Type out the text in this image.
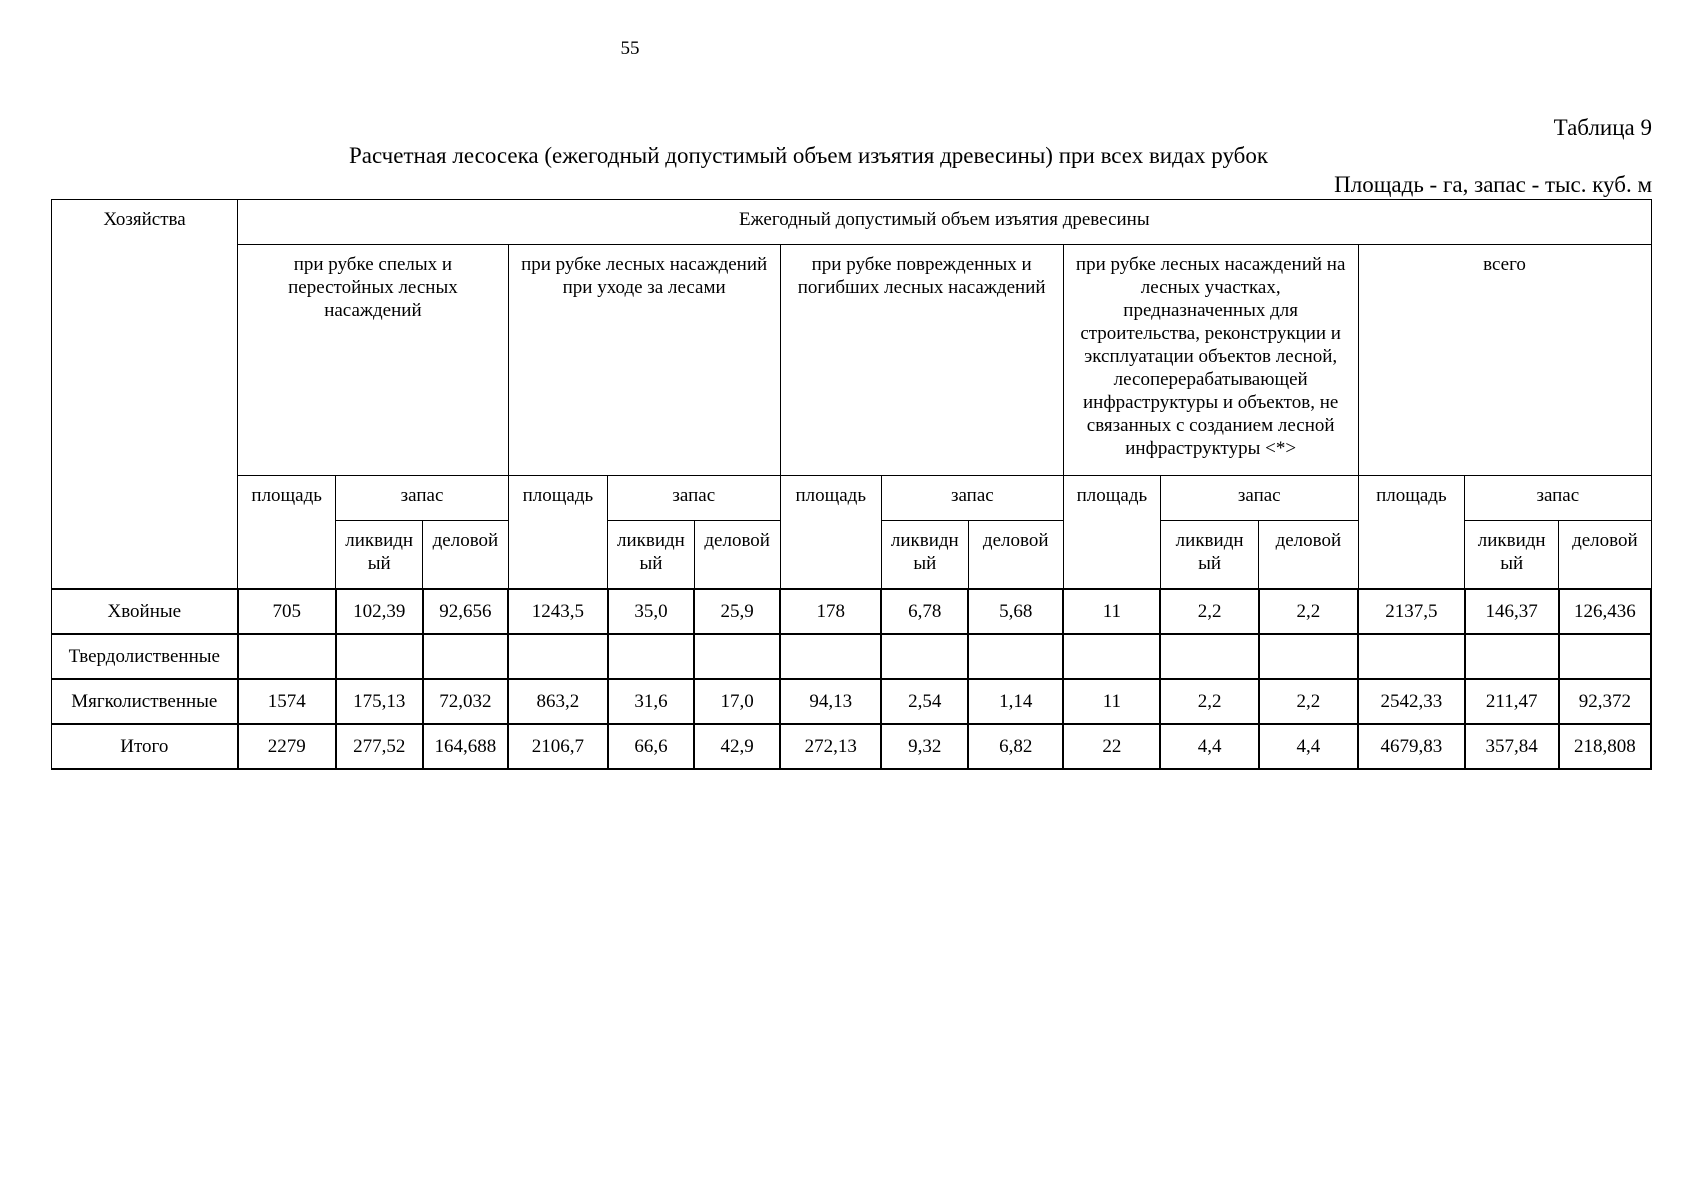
55
Таблица 9
Расчетная лесосека (ежегодный допустимый объем изъятия древесины) при всех видах рубок
Площадь - га, запас - тыс. куб. м
Хозяйства	Ежегодный допустимый объем изъятия древесины														
	при рубке спелых и перестойных лесных насаждений			при рубке лесных насаждений при уходе за лесами			при рубке поврежденных и погибших лесных насаждений			при рубке лесных насаждений на лесных участках, предназначенных для строительства, реконструкции и эксплуатации объектов лесной, лесоперерабатывающей инфраструктуры и объектов, не связанных с созданием лесной инфраструктуры <*>			всего		
	площадь	запас		площадь	запас		площадь	запас		площадь	запас		площадь	запас	
		ликвидн ый	деловой		ликвидн ый	деловой		ликвидн ый	деловой		ликвидн ый	деловой		ликвидн ый	деловой
Хвойные	705	102,39	92,656	1243,5	35,0	25,9	178	6,78	5,68	11	2,2	2,2	2137,5	146,37	126,436
Твердолиственные															
Мягколиственные	1574	175,13	72,032	863,2	31,6	17,0	94,13	2,54	1,14	11	2,2	2,2	2542,33	211,47	92,372
Итого	2279	277,52	164,688	2106,7	66,6	42,9	272,13	9,32	6,82	22	4,4	4,4	4679,83	357,84	218,808
